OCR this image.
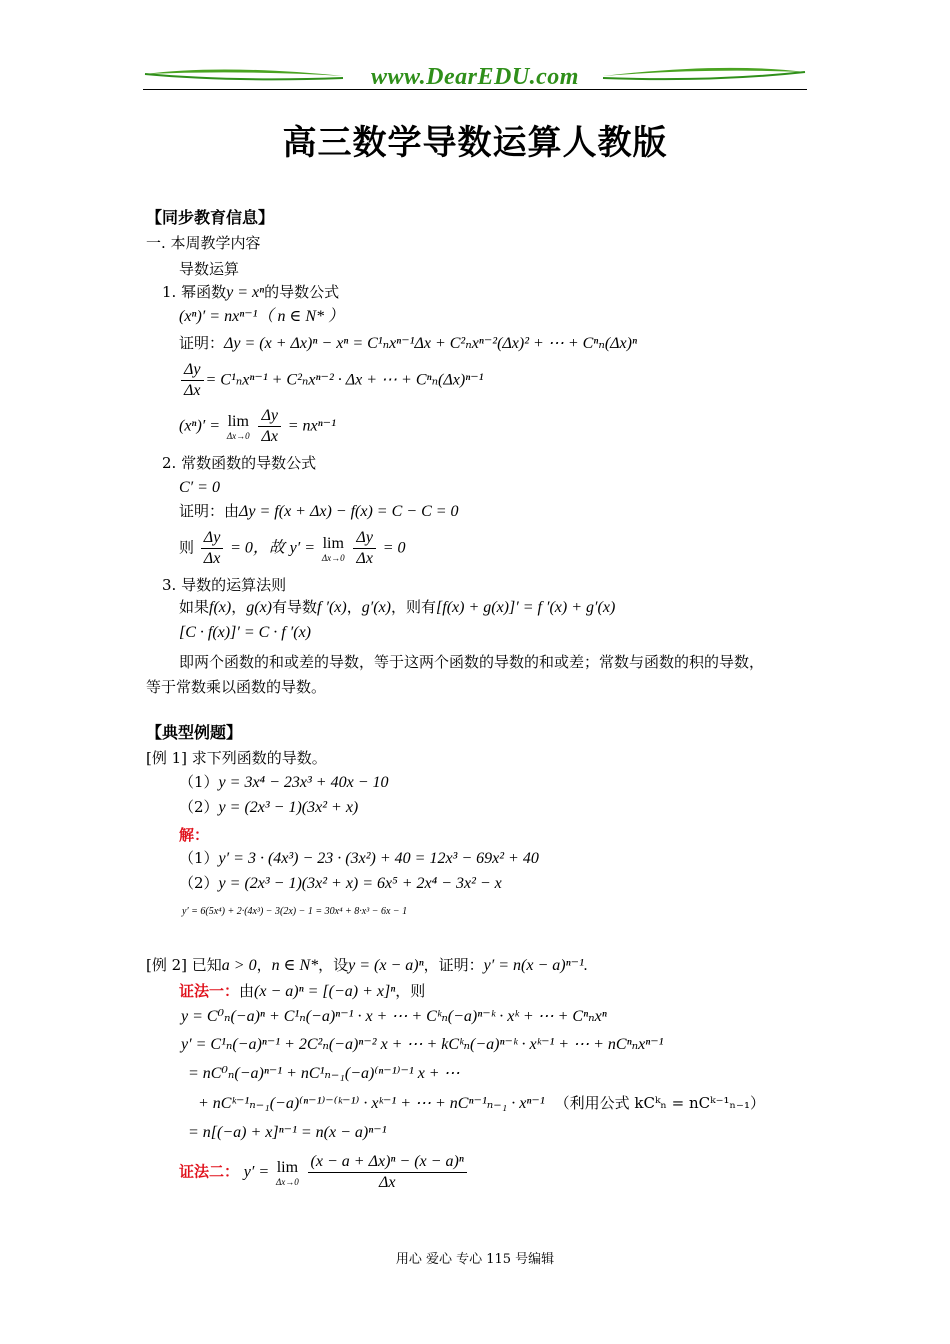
www.DearEDU.com
高三数学导数运算人教版
【同步教育信息】
一. 本周教学内容
导数运算
1. 幂函数y = xⁿ的导数公式
(xⁿ)′ = nxⁿ⁻¹（ n ∈ N* ）
证明：Δy = (x + Δx)ⁿ − xⁿ = C¹ₙxⁿ⁻¹Δx + C²ₙxⁿ⁻²(Δx)² + ⋯ + Cⁿₙ(Δx)ⁿ
$\frac{\Delta y}{\Delta x} = C^1_nx^{n-1} + C^2_nx^{n-2} \cdot \Delta x$ + ⋯ + Cⁿₙ(Δx)ⁿ⁻¹
(xⁿ)′ = lim
Δx→0
$\frac{\Delta y}{\Delta x} = nx^{n-1}$
2. 常数函数的导数公式
C′ = 0
证明：由Δy = f(x + Δx) − f(x) = C − C = 0
则 $\frac{\Delta y}{\Delta x} = 0$，故 y′ = lim
Δx→0
$\frac{\Delta y}{\Delta x} = 0$
3. 导数的运算法则
如果f(x)，g(x)有导数f ′(x)，g′(x)，则有[f(x) + g(x)]′ = f ′(x) + g′(x)
[C · f(x)]′ = C · f ′(x)
即两个函数的和或差的导数，等于这两个函数的导数的和或差；常数与函数的积的导数，
等于常数乘以函数的导数。
【典型例题】
[例 1] 求下列函数的导数。
（1）y = 3x⁴ − 23x³ + 40x − 10
（2）y = (2x³ − 1)(3x² + x)
解：
（1）y′ = 3 · (4x³) − 23 · (3x²) + 40 = 12x³ − 69x² + 40
（2）y = (2x³ − 1)(3x² + x) = 6x⁵ + 2x⁴ − 3x² − x
y′ = 6(5x⁴) + 2·(4x³) − 3(2x) − 1 = 30x⁴ + 8·x³ − 6x − 1
[例 2] 已知a > 0，n ∈ N*，设y = (x − a)ⁿ，证明：y′ = n(x − a)ⁿ⁻¹.
证法一：由(x − a)ⁿ = [(−a) + x]ⁿ，则
y = C⁰ₙ(−a)ⁿ + C¹ₙ(−a)ⁿ⁻¹ · x + ⋯ + Cᵏₙ(−a)ⁿ⁻ᵏ · xᵏ + ⋯ + Cⁿₙxⁿ
y′ = C¹ₙ(−a)ⁿ⁻¹ + 2C²ₙ(−a)ⁿ⁻² x + ⋯ + kCᵏₙ(−a)ⁿ⁻ᵏ · xᵏ⁻¹ + ⋯ + nCⁿₙxⁿ⁻¹
= nC⁰ₙ(−a)ⁿ⁻¹ + nC¹ₙ₋₁(−a)⁽ⁿ⁻¹⁾⁻¹ x + ⋯
+ nCᵏ⁻¹ₙ₋₁(−a)⁽ⁿ⁻¹⁾⁻⁽ᵏ⁻¹⁾ · xᵏ⁻¹ + ⋯ + nCⁿ⁻¹ₙ₋₁ · xⁿ⁻¹ （利用公式 kCᵏₙ = nCᵏ⁻¹ₙ₋₁）
= n[(−a) + x]ⁿ⁻¹ = n(x − a)ⁿ⁻¹
证法二： y′ = lim
Δx→0
$\frac{\text{(x − a + Δx)ⁿ − (x − a)ⁿ}}{\Delta x}$
用心 爱心 专心 115 号编辑
